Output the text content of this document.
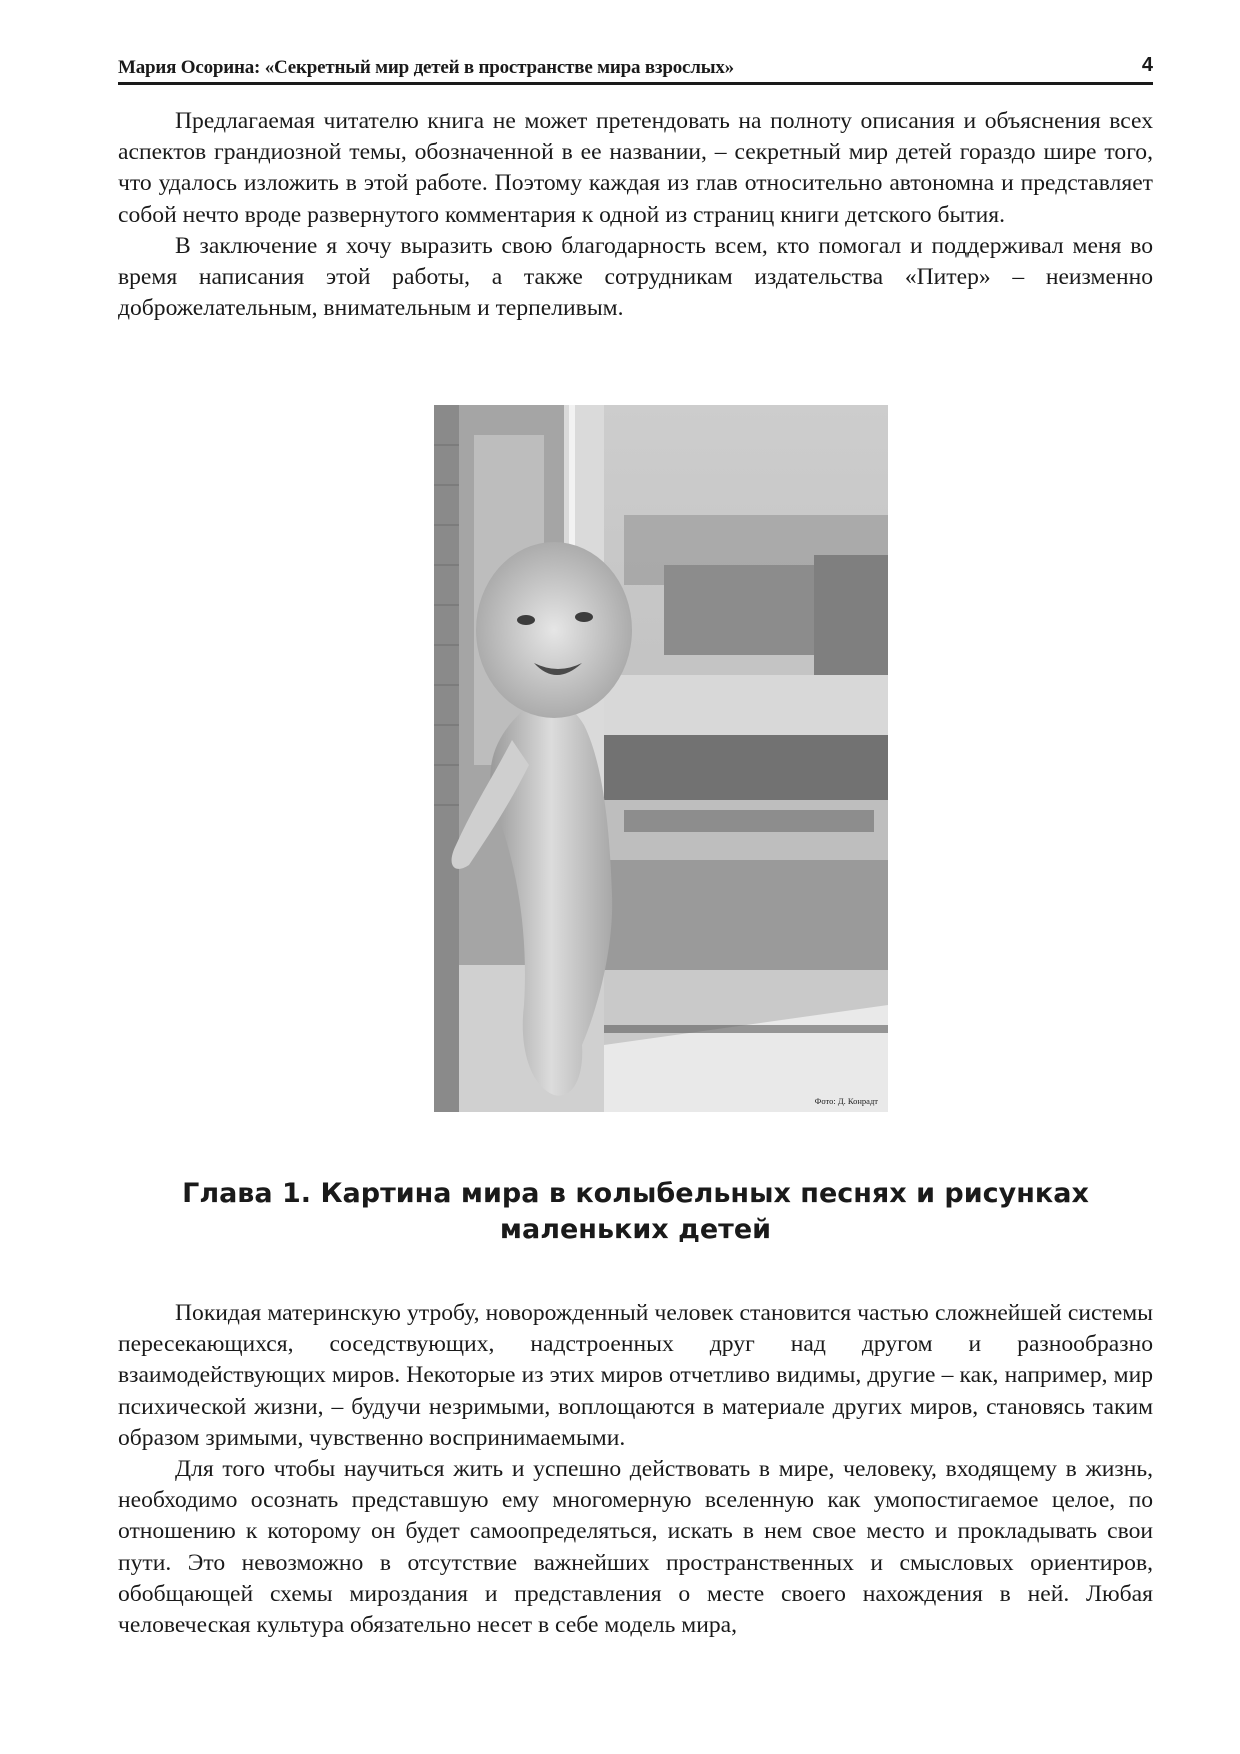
Мария Осорина: «Секретный мир детей в пространстве мира взрослых»	4

Предлагаемая читателю книга не может претендовать на полноту описания и объяснения всех аспектов грандиозной темы, обозначенной в ее названии, – секретный мир детей гораздо шире того, что удалось изложить в этой работе. Поэтому каждая из глав относительно автономна и представляет собой нечто вроде развернутого комментария к одной из страниц книги детского бытия.

В заключение я хочу выразить свою благодарность всем, кто помогал и поддерживал меня во время написания этой работы, а также сотрудникам издательства «Питер» – неизменно доброжелательным, внимательным и терпеливым.

Фото: Д. Конрадт
Глава 1. Картина мира в колыбельных песнях и рисунках маленьких детей

Покидая материнскую утробу, новорожденный человек становится частью сложнейшей системы пересекающихся, соседствующих, надстроенных друг над другом и разнообразно взаимодействующих миров. Некоторые из этих миров отчетливо видимы, другие – как, например, мир психической жизни, – будучи незримыми, воплощаются в материале других миров, становясь таким образом зримыми, чувственно воспринимаемыми.

Для того чтобы научиться жить и успешно действовать в мире, человеку, входящему в жизнь, необходимо осознать представшую ему многомерную вселенную как умопостигаемое целое, по отношению к которому он будет самоопределяться, искать в нем свое место и прокладывать свои пути. Это невозможно в отсутствие важнейших пространственных и смысловых ориентиров, обобщающей схемы мироздания и представления о месте своего нахождения в ней. Любая человеческая культура обязательно несет в себе модель мира,
